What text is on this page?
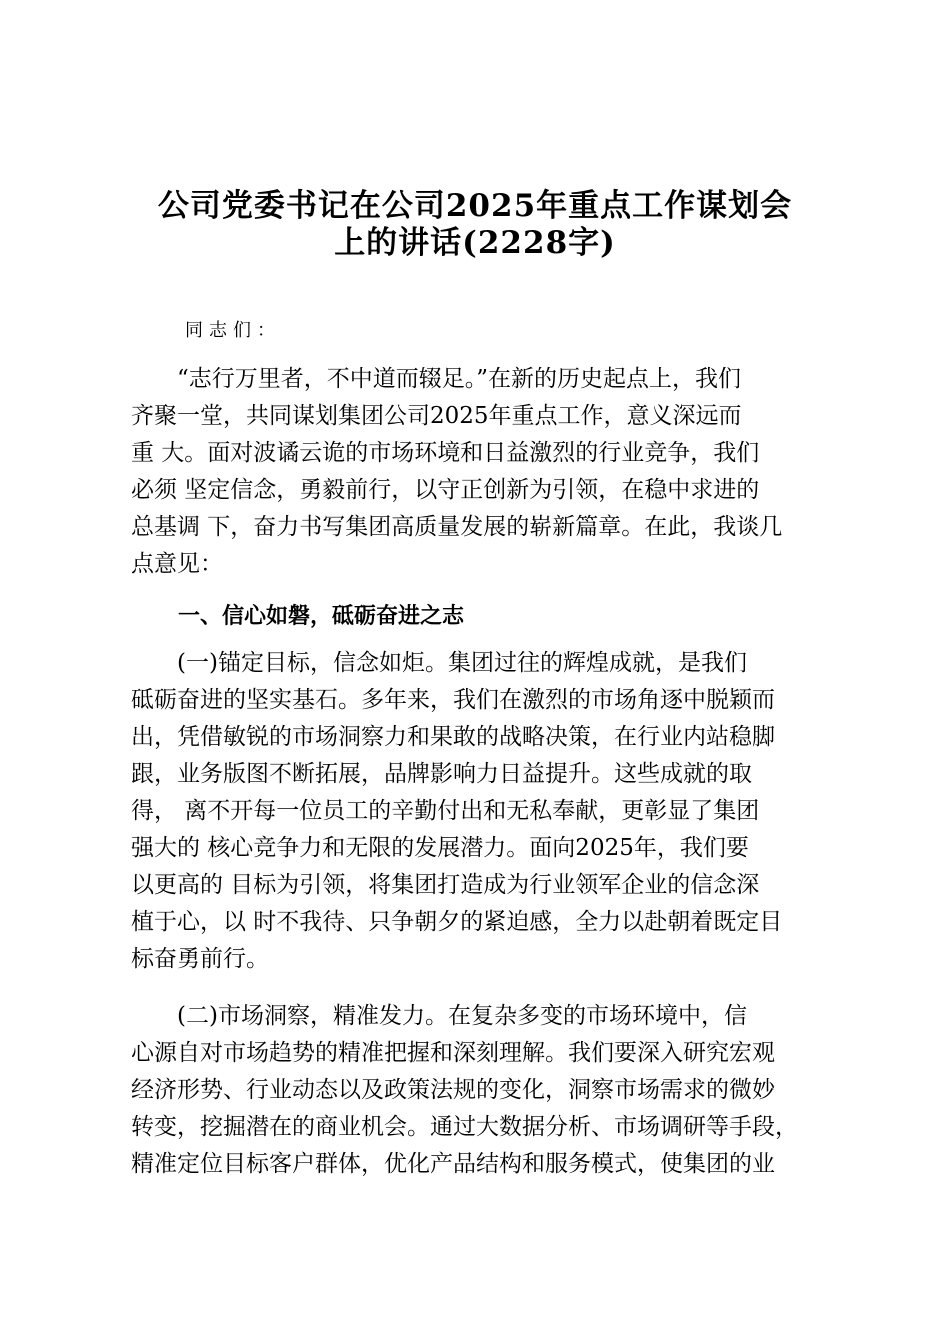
公司党委书记在公司2025年重点工作谋划会
上的讲话(2228字)
同志们：
　　“志行万里者，不中道而辍足。”在新的历史起点上，我们
齐聚一堂，共同谋划集团公司2025年重点工作，意义深远而
重 大。面对波谲云诡的市场环境和日益激烈的行业竞争，我们
必须 坚定信念，勇毅前行，以守正创新为引领，在稳中求进的
总基调 下，奋力书写集团高质量发展的崭新篇章。在此，我谈几
点意见：
一、信心如磐，砥砺奋进之志
　　(一)锚定目标，信念如炬。集团过往的辉煌成就，是我们
砥砺奋进的坚实基石。多年来，我们在激烈的市场角逐中脱颖而
出，凭借敏锐的市场洞察力和果敢的战略决策，在行业内站稳脚
跟，业务版图不断拓展，品牌影响力日益提升。这些成就的取
得， 离不开每一位员工的辛勤付出和无私奉献，更彰显了集团
强大的 核心竞争力和无限的发展潜力。面向2025年，我们要
以更高的 目标为引领，将集团打造成为行业领军企业的信念深
植于心，以 时不我待、只争朝夕的紧迫感，全力以赴朝着既定目
标奋勇前行。
　　(二)市场洞察，精准发力。在复杂多变的市场环境中，信
心源自对市场趋势的精准把握和深刻理解。我们要深入研究宏观
经济形势、行业动态以及政策法规的变化，洞察市场需求的微妙
转变，挖掘潜在的商业机会。通过大数据分析、市场调研等手段，
精准定位目标客户群体，优化产品结构和服务模式，使集团的业
